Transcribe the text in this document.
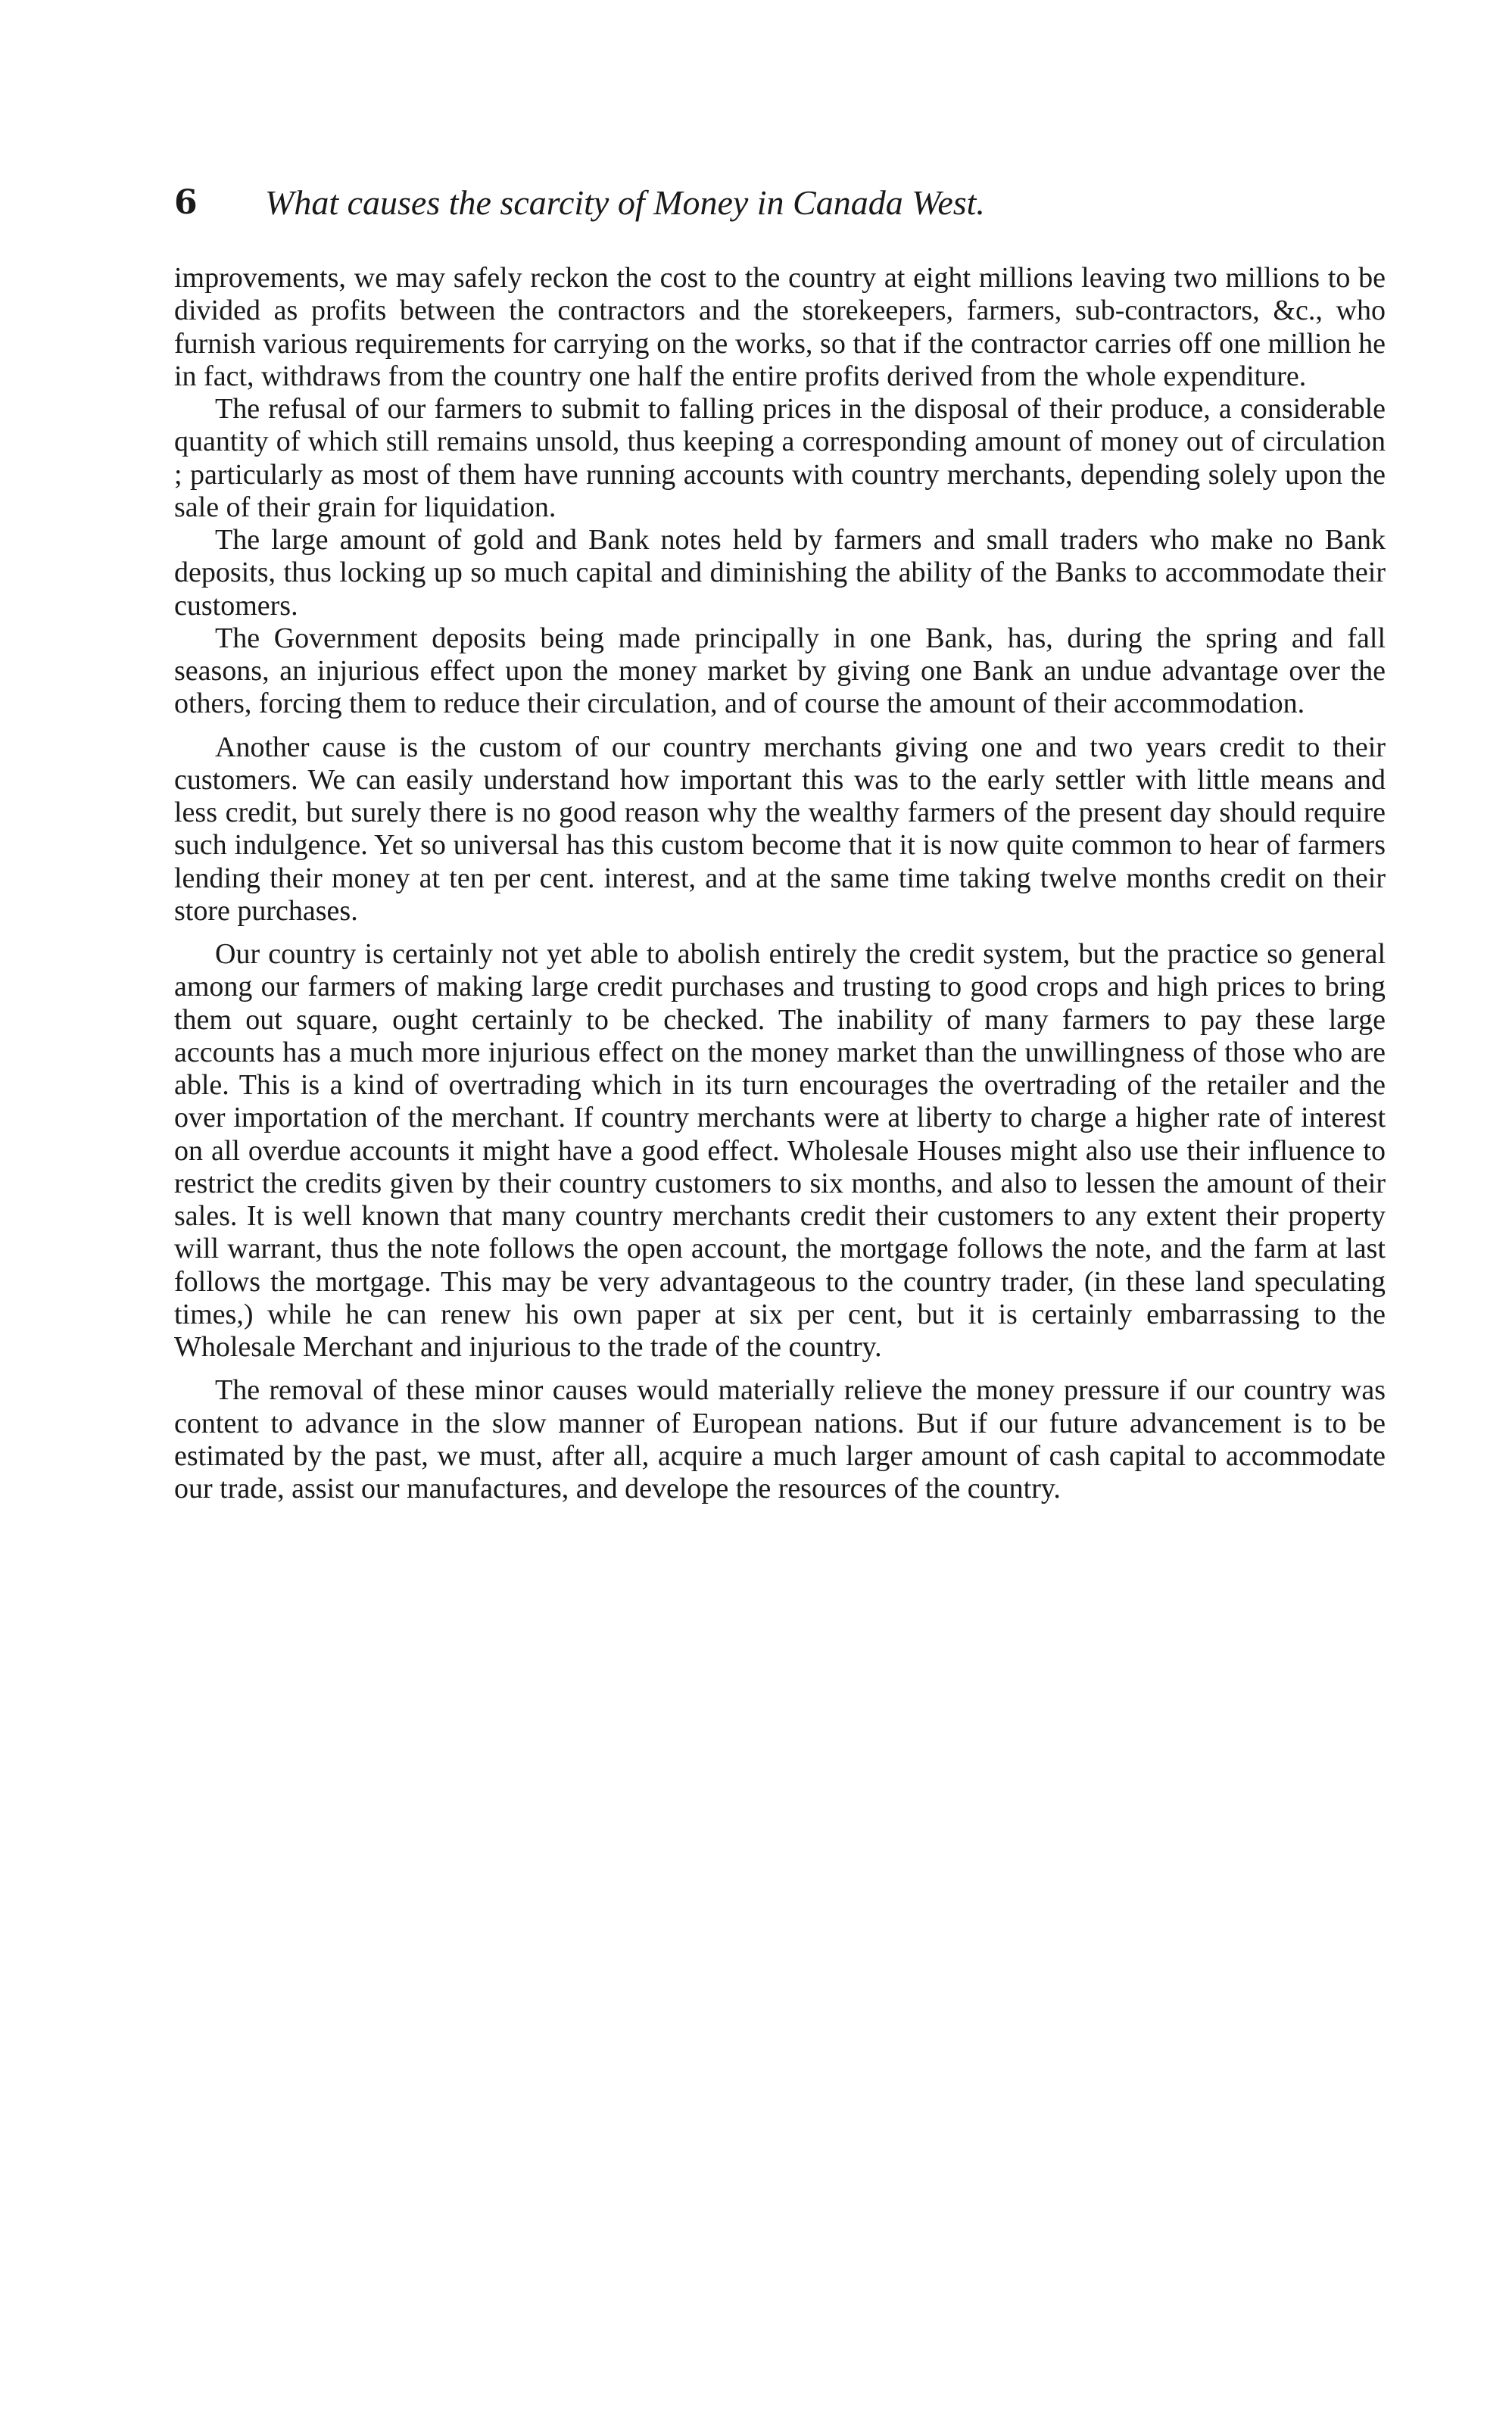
6 What causes the scarcity of Money in Canada West.

improvements, we may safely reckon the cost to the country at eight millions leaving two millions to be divided as profits between the contractors and the storekeepers, farmers, sub-contractors, &c., who furnish various requirements for carrying on the works, so that if the contractor carries off one million he in fact, withdraws from the country one half the entire profits derived from the whole expenditure.

The refusal of our farmers to submit to falling prices in the disposal of their produce, a considerable quantity of which still remains unsold, thus keeping a corresponding amount of money out of circulation ; particularly as most of them have running accounts with country merchants, depending solely upon the sale of their grain for liquidation.

The large amount of gold and Bank notes held by farmers and small traders who make no Bank deposits, thus locking up so much capital and diminishing the ability of the Banks to accommodate their customers.

The Government deposits being made principally in one Bank, has, during the spring and fall seasons, an injurious effect upon the money market by giving one Bank an undue advantage over the others, forcing them to reduce their circulation, and of course the amount of their accommodation.

Another cause is the custom of our country merchants giving one and two years credit to their customers. We can easily understand how important this was to the early settler with little means and less credit, but surely there is no good reason why the wealthy farmers of the present day should require such indulgence. Yet so universal has this custom become that it is now quite common to hear of farmers lending their money at ten per cent. interest, and at the same time taking twelve months credit on their store purchases.

Our country is certainly not yet able to abolish entirely the credit system, but the practice so general among our farmers of making large credit purchases and trusting to good crops and high prices to bring them out square, ought certainly to be checked. The inability of many farmers to pay these large accounts has a much more injurious effect on the money market than the unwillingness of those who are able. This is a kind of overtrading which in its turn encourages the overtrading of the retailer and the over importation of the merchant. If country merchants were at liberty to charge a higher rate of interest on all overdue accounts it might have a good effect. Wholesale Houses might also use their influence to restrict the credits given by their country customers to six months, and also to lessen the amount of their sales. It is well known that many country merchants credit their customers to any extent their property will warrant, thus the note follows the open account, the mortgage follows the note, and the farm at last follows the mortgage. This may be very advantageous to the country trader, (in these land speculating times,) while he can renew his own paper at six per cent, but it is certainly embarrassing to the Wholesale Merchant and injurious to the trade of the country.

The removal of these minor causes would materially relieve the money pressure if our country was content to advance in the slow manner of European nations. But if our future advancement is to be estimated by the past, we must, after all, acquire a much larger amount of cash capital to accommodate our trade, assist our manufactures, and develope the resources of the country.
